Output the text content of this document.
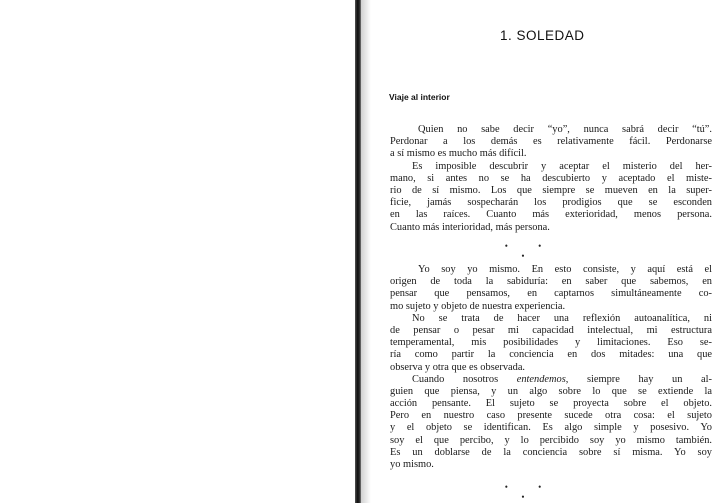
1. SOLEDAD
Viaje al interior
Quien no sabe decir “yo”, nunca sabrá decir “tú”.
Perdonar a los demás es relativamente fácil. Perdonarse
a sí mismo es mucho más difícil.
Es imposible descubrir y aceptar el misterio del her-
mano, si antes no se ha descubierto y aceptado el miste-
rio de sí mismo. Los que siempre se mueven en la super-
ficie, jamás sospecharán los prodigios que se esconden
en las raíces. Cuanto más exterioridad, menos persona.
Cuanto más interioridad, más persona.
• • •
Yo soy yo mismo. En esto consiste, y aquí está el
origen de toda la sabiduría: en saber que sabemos, en
pensar que pensamos, en captarnos simultáneamente co-
mo sujeto y objeto de nuestra experiencia.
No se trata de hacer una reflexión autoanalítica, ni
de pensar o pesar mi capacidad intelectual, mi estructura
temperamental, mis posibilidades y limitaciones. Eso se-
ría como partir la conciencia en dos mitades: una que
observa y otra que es observada.
Cuando nosotros entendemos, siempre hay un al-
guien que piensa, y un algo sobre lo que se extiende la
acción pensante. El sujeto se proyecta sobre el objeto.
Pero en nuestro caso presente sucede otra cosa: el sujeto
y el objeto se identifican. Es algo simple y posesivo. Yo
soy el que percibo, y lo percibido soy yo mismo también.
Es un doblarse de la conciencia sobre sí misma. Yo soy
yo mismo.
• • •
